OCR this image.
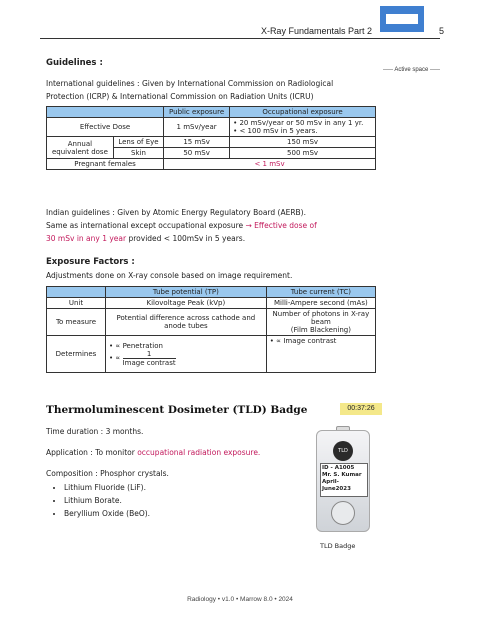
X-Ray Fundamentals Part 2	5
----- Active space -----
Guidelines :
International guidelines : Given by International Commission on Radiological
Protection (ICRP) & International Commission on Radiation Units (ICRU)
		Public exposure	Occupational exposure
Effective Dose		1 mSv/year	• 20 mSv/year or 50 mSv in any 1 yr.
• < 100 mSv in 5 years.

Annual
equivalent dose	Lens of Eye	15 mSv	150 mSv
	Skin	50 mSv	500 mSv
Pregnant females		< 1 mSv	
Indian guidelines : Given by Atomic Energy Regulatory Board (AERB).
Same as international except occupational exposure → Effective dose of
30 mSv in any 1 year provided < 100mSv in 5 years.
Exposure Factors :
Adjustments done on X-ray console based on image requirement.
	Tube potential (TP)	Tube current (TC)
Unit	Kilovoltage Peak (kVp)	Milli-Ampere second (mAs)
To measure	Potential difference across cathode and anode tubes	Number of photons in X-ray beam
(Film Blackening)

Determines	• ∝ Penetration
• ∝
1
Image contrast	• ∝ Image contrast
Thermoluminescent Dosimeter (TLD) Badge	00:37:26
Time duration : 3 months.
Application : To monitor occupational radiation exposure.
Composition : Phosphor crystals.
• Lithium Fluoride (LiF).
• Lithium Borate.
• Beryllium Oxide (BeO).
TLD
ID - A1005
Mr. S. Kumar
April-June2023
TLD Badge
Radiology • v1.0 • Marrow 8.0 • 2024
